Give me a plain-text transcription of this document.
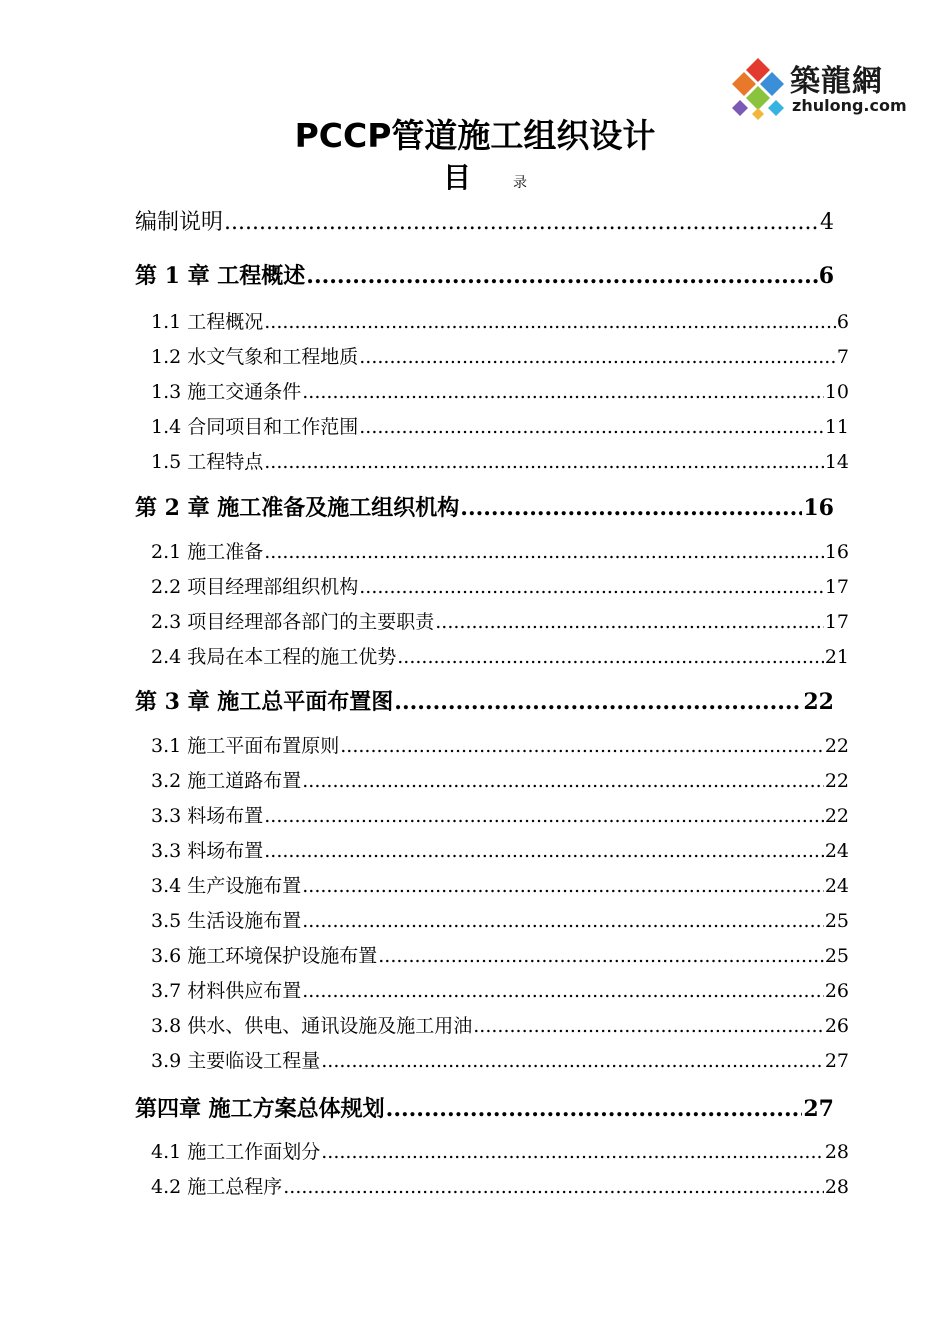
築龍網
zhulong.com
PCCP管道施工组织设计
目	录
编制说明 .....	4
第 1 章 工程概述 .....	6
1.1 工程概况 .....	6
1.2 水文气象和工程地质 .....	7
1.3 施工交通条件 .....	10
1.4 合同项目和工作范围 .....	11
1.5 工程特点 .....	14
第 2 章 施工准备及施工组织机构 .....	16
2.1 施工准备 .....	16
2.2 项目经理部组织机构 .....	17
2.3 项目经理部各部门的主要职责 .....	17
2.4 我局在本工程的施工优势 .....	21
第 3 章 施工总平面布置图 .....	22
3.1 施工平面布置原则 .....	22
3.2 施工道路布置 .....	22
3.3 料场布置 .....	22
3.3 料场布置 .....	24
3.4 生产设施布置 .....	24
3.5 生活设施布置 .....	25
3.6 施工环境保护设施布置 .....	25
3.7 材料供应布置 .....	26
3.8 供水、供电、通讯设施及施工用油 .....	26
3.9 主要临设工程量 .....	27
第四章 施工方案总体规划 .....	27
4.1 施工工作面划分 .....	28
4.2 施工总程序 .....	28
